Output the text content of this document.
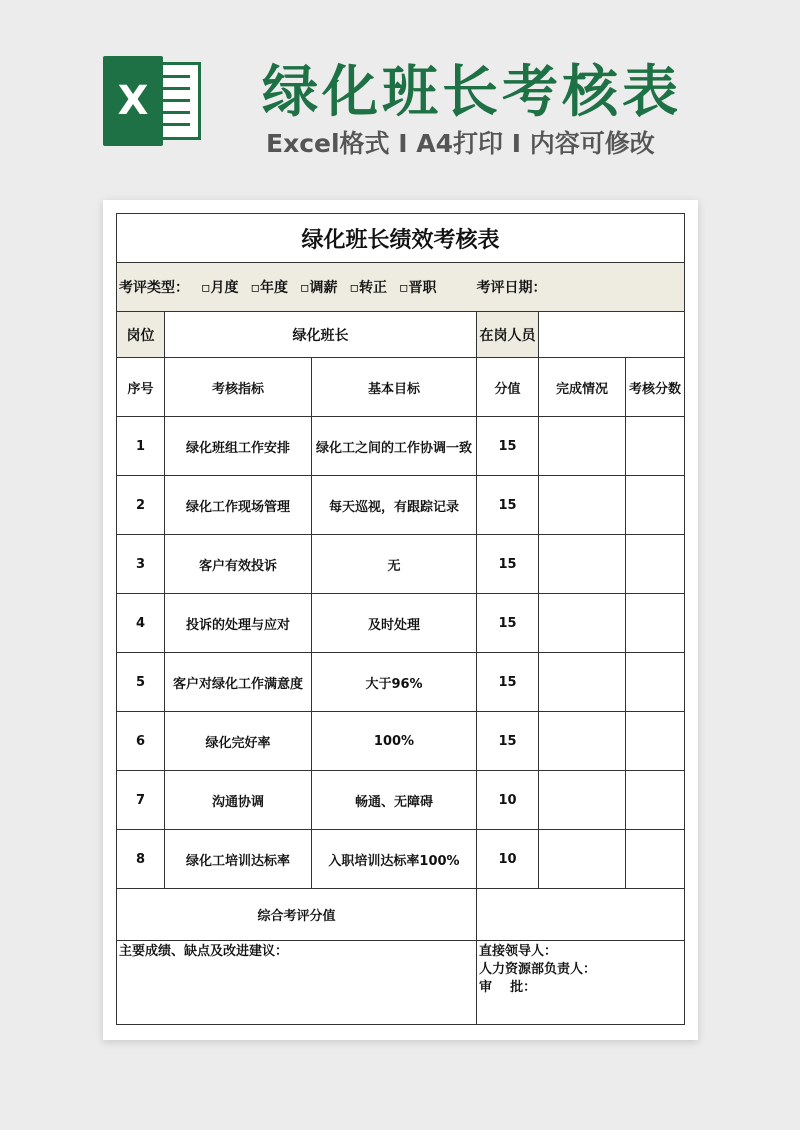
X 绿化班长考核表
Excel格式 I A4打印 I 内容可修改
绿化班长绩效考核表					
考评类型： ▫月度 ▫年度 ▫调薪 ▫转正 ▫晋职 考评日期：					
岗位	绿化班长		在岗人员		
序号	考核指标	基本目标	分值	完成情况	考核分数
1	绿化班组工作安排	绿化工之间的工作协调一致	15		
2	绿化工作现场管理	每天巡视，有跟踪记录	15		
3	客户有效投诉	无	15		
4	投诉的处理与应对	及时处理	15		
5	客户对绿化工作满意度	大于96%	15		
6	绿化完好率	100%	15		
7	沟通协调	畅通、无障碍	10		
8	绿化工培训达标率	入职培训达标率100%	10		
综合考评分值					

主要成绩、缺点及改进建议：			直接领导人：
人力资源部负责人：
审    批：		
